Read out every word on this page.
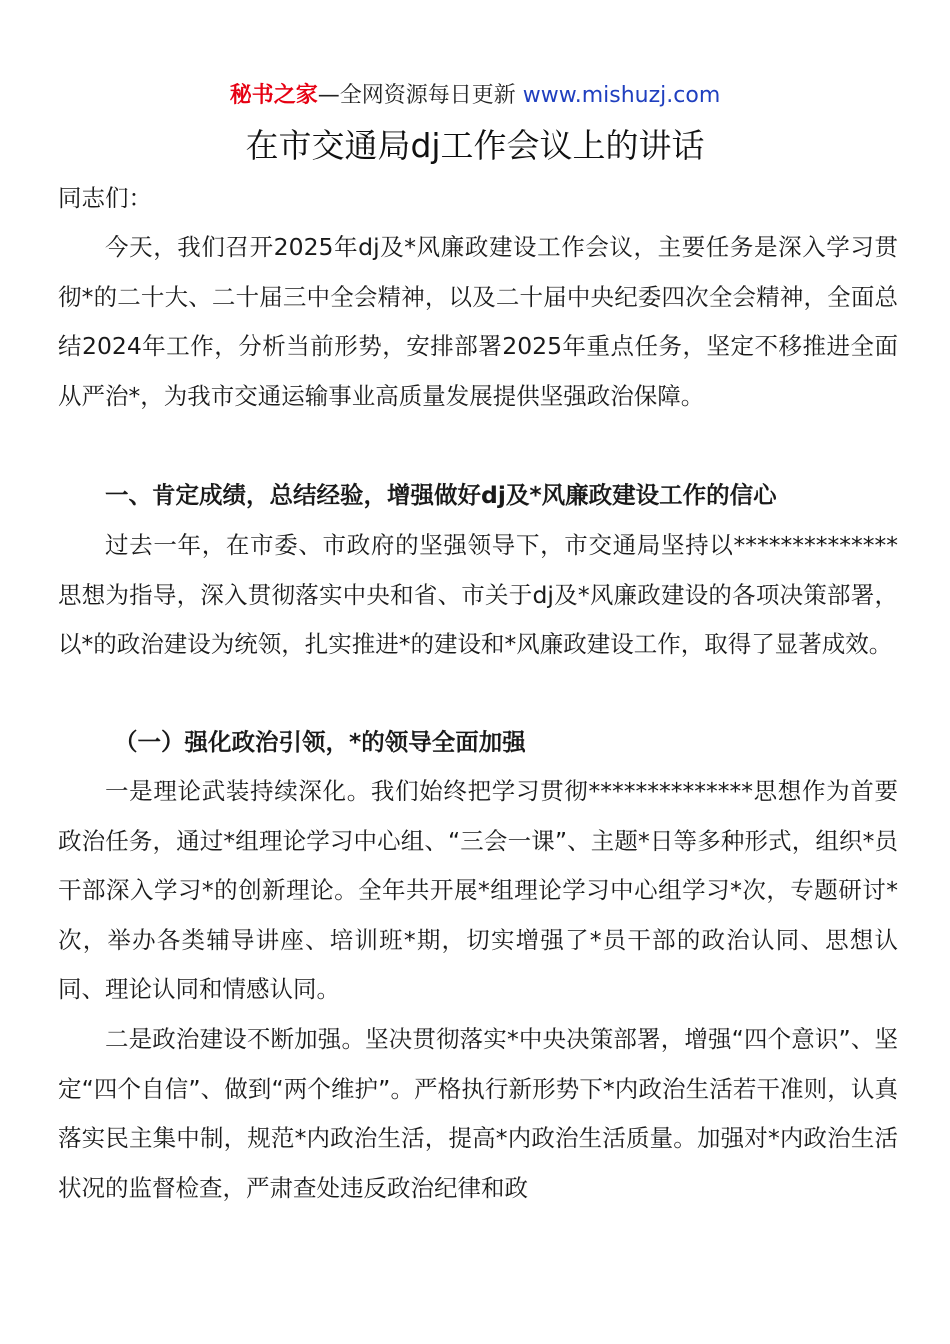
秘书之家—全网资源每日更新 www.mishuzj.com
在市交通局dj工作会议上的讲话
同志们：

今天，我们召开2025年dj及*风廉政建设工作会议，主要任务是深入学习贯彻*的二十大、二十届三中全会精神，以及二十届中央纪委四次全会精神，全面总结2024年工作，分析当前形势，安排部署2025年重点任务，坚定不移推进全面从严治*，为我市交通运输事业高质量发展提供坚强政治保障。

一、肯定成绩，总结经验，增强做好dj及*风廉政建设工作的信心

过去一年，在市委、市政府的坚强领导下，市交通局坚持以**************思想为指导，深入贯彻落实中央和省、市关于dj及*风廉政建设的各项决策部署，以*的政治建设为统领，扎实推进*的建设和*风廉政建设工作，取得了显著成效。

（一）强化政治引领，*的领导全面加强

一是理论武装持续深化。我们始终把学习贯彻**************思想作为首要政治任务，通过*组理论学习中心组、“三会一课”、主题*日等多种形式，组织*员干部深入学习*的创新理论。全年共开展*组理论学习中心组学习*次，专题研讨*次，举办各类辅导讲座、培训班*期，切实增强了*员干部的政治认同、思想认同、理论认同和情感认同。

二是政治建设不断加强。坚决贯彻落实*中央决策部署，增强“四个意识”、坚定“四个自信”、做到“两个维护”。严格执行新形势下*内政治生活若干准则，认真落实民主集中制，规范*内政治生活，提高*内政治生活质量。加强对*内政治生活状况的监督检查，严肃查处违反政治纪律和政
